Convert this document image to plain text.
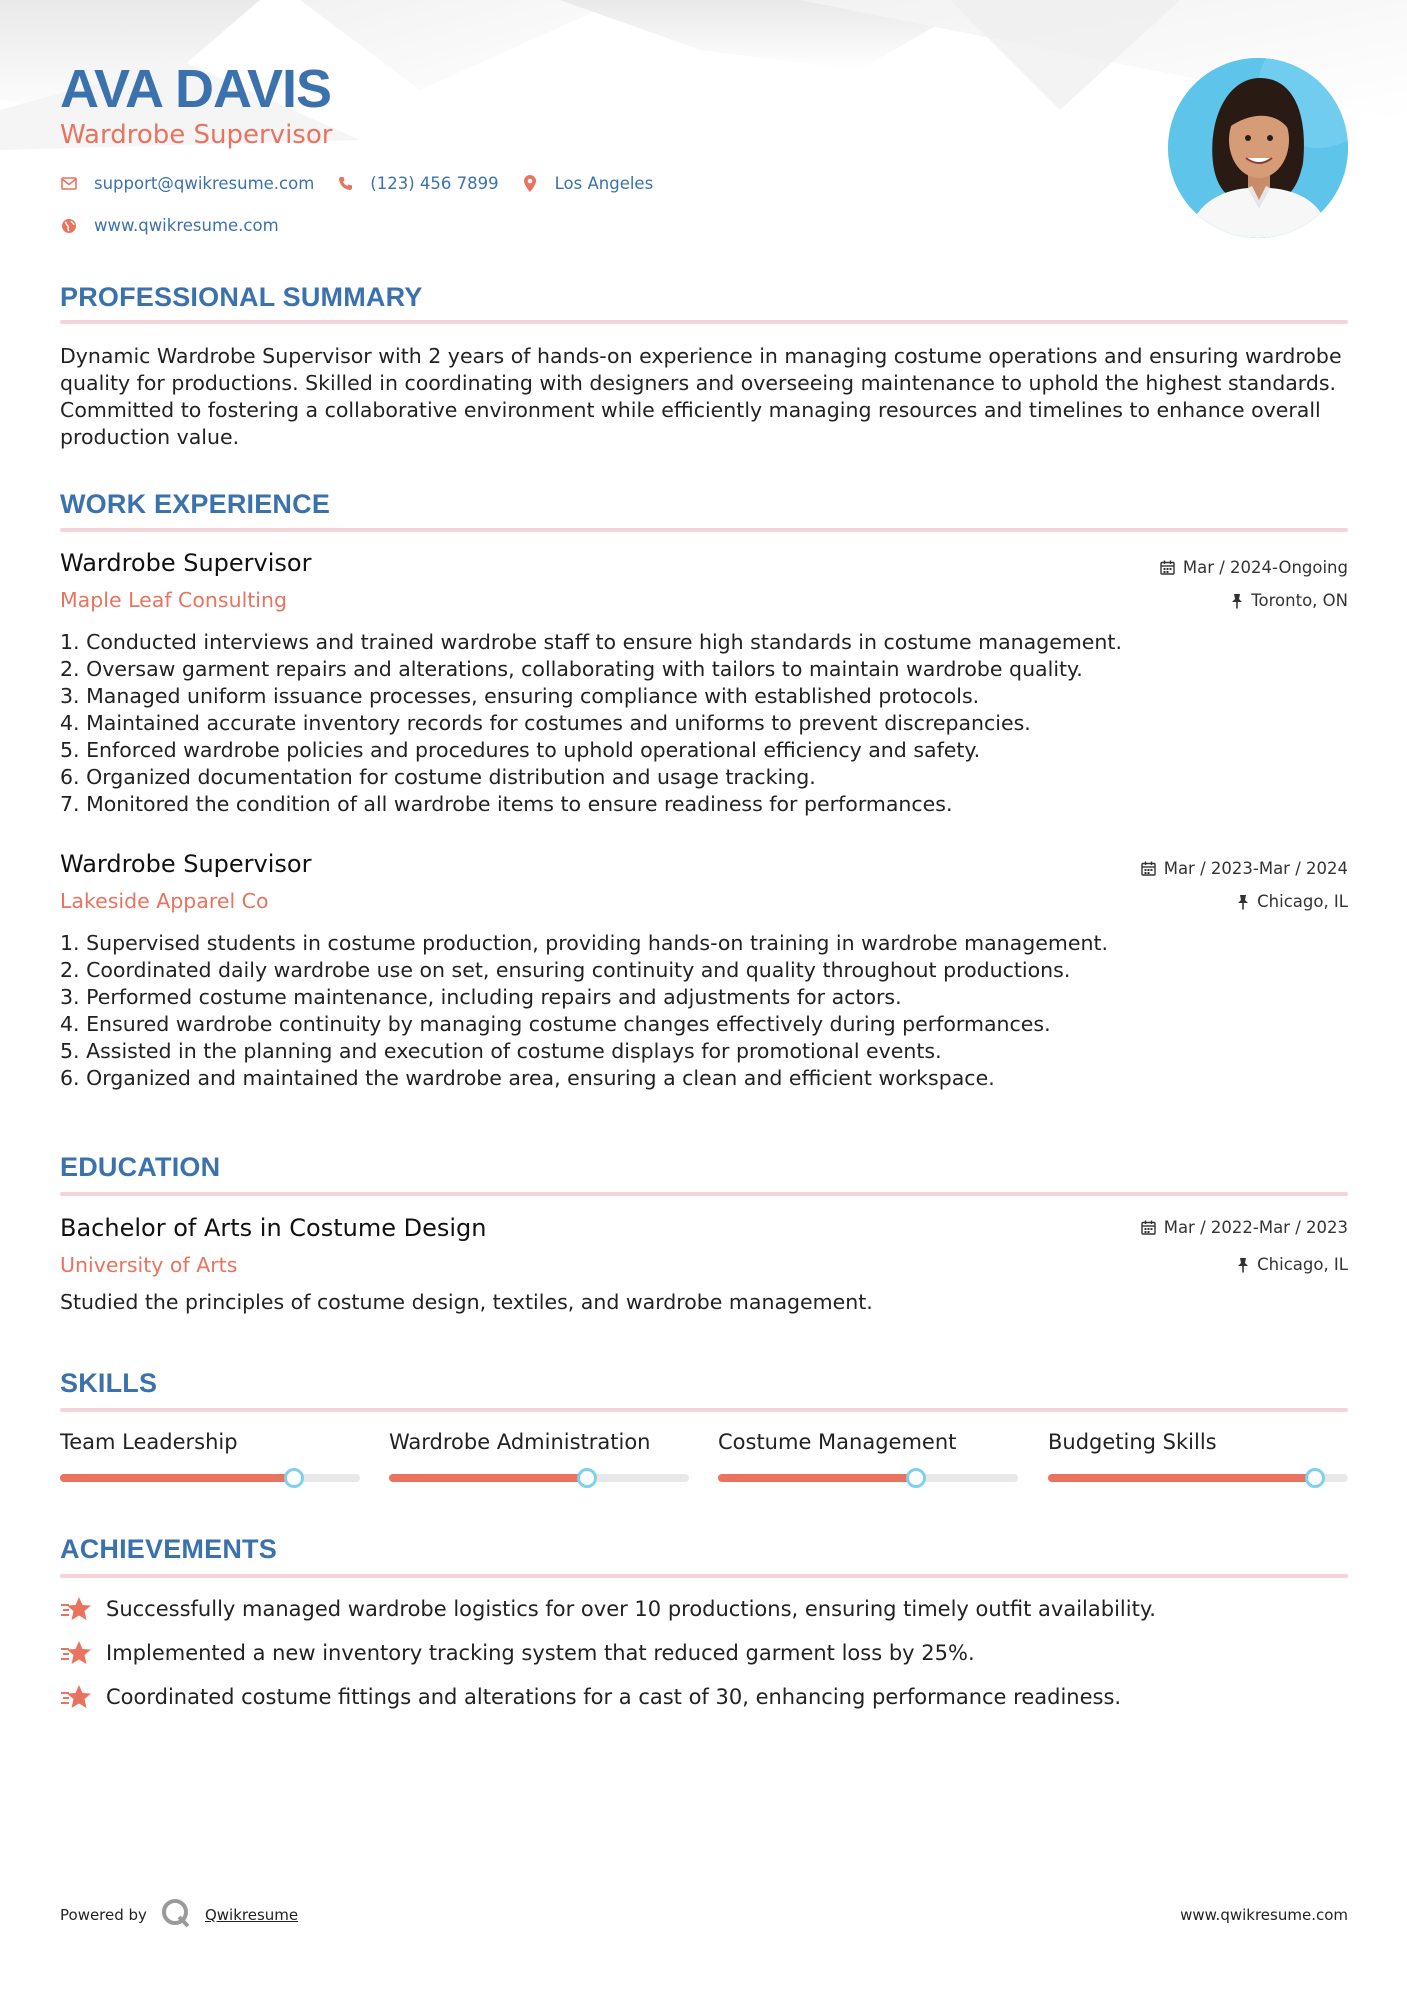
AVA DAVIS
Wardrobe Supervisor
support@qwikresume.com	(123) 456 7899	Los Angeles
www.qwikresume.com
PROFESSIONAL SUMMARY
Dynamic Wardrobe Supervisor with 2 years of hands-on experience in managing costume operations and ensuring wardrobe quality for productions. Skilled in coordinating with designers and overseeing maintenance to uphold the highest standards. Committed to fostering a collaborative environment while efficiently managing resources and timelines to enhance overall production value.
WORK EXPERIENCE
Wardrobe Supervisor	Mar / 2024-Ongoing
Maple Leaf Consulting	Toronto, ON
1. Conducted interviews and trained wardrobe staff to ensure high standards in costume management.
2. Oversaw garment repairs and alterations, collaborating with tailors to maintain wardrobe quality.
3. Managed uniform issuance processes, ensuring compliance with established protocols.
4. Maintained accurate inventory records for costumes and uniforms to prevent discrepancies.
5. Enforced wardrobe policies and procedures to uphold operational efficiency and safety.
6. Organized documentation for costume distribution and usage tracking.
7. Monitored the condition of all wardrobe items to ensure readiness for performances.
Wardrobe Supervisor	Mar / 2023-Mar / 2024
Lakeside Apparel Co	Chicago, IL
1. Supervised students in costume production, providing hands-on training in wardrobe management.
2. Coordinated daily wardrobe use on set, ensuring continuity and quality throughout productions.
3. Performed costume maintenance, including repairs and adjustments for actors.
4. Ensured wardrobe continuity by managing costume changes effectively during performances.
5. Assisted in the planning and execution of costume displays for promotional events.
6. Organized and maintained the wardrobe area, ensuring a clean and efficient workspace.
EDUCATION
Bachelor of Arts in Costume Design	Mar / 2022-Mar / 2023
University of Arts	Chicago, IL
Studied the principles of costume design, textiles, and wardrobe management.
SKILLS
Team Leadership	Wardrobe Administration	Costume Management	Budgeting Skills
ACHIEVEMENTS
Successfully managed wardrobe logistics for over 10 productions, ensuring timely outfit availability.
Implemented a new inventory tracking system that reduced garment loss by 25%.
Coordinated costume fittings and alterations for a cast of 30, enhancing performance readiness.
Powered by	Qwikresume	www.qwikresume.com
